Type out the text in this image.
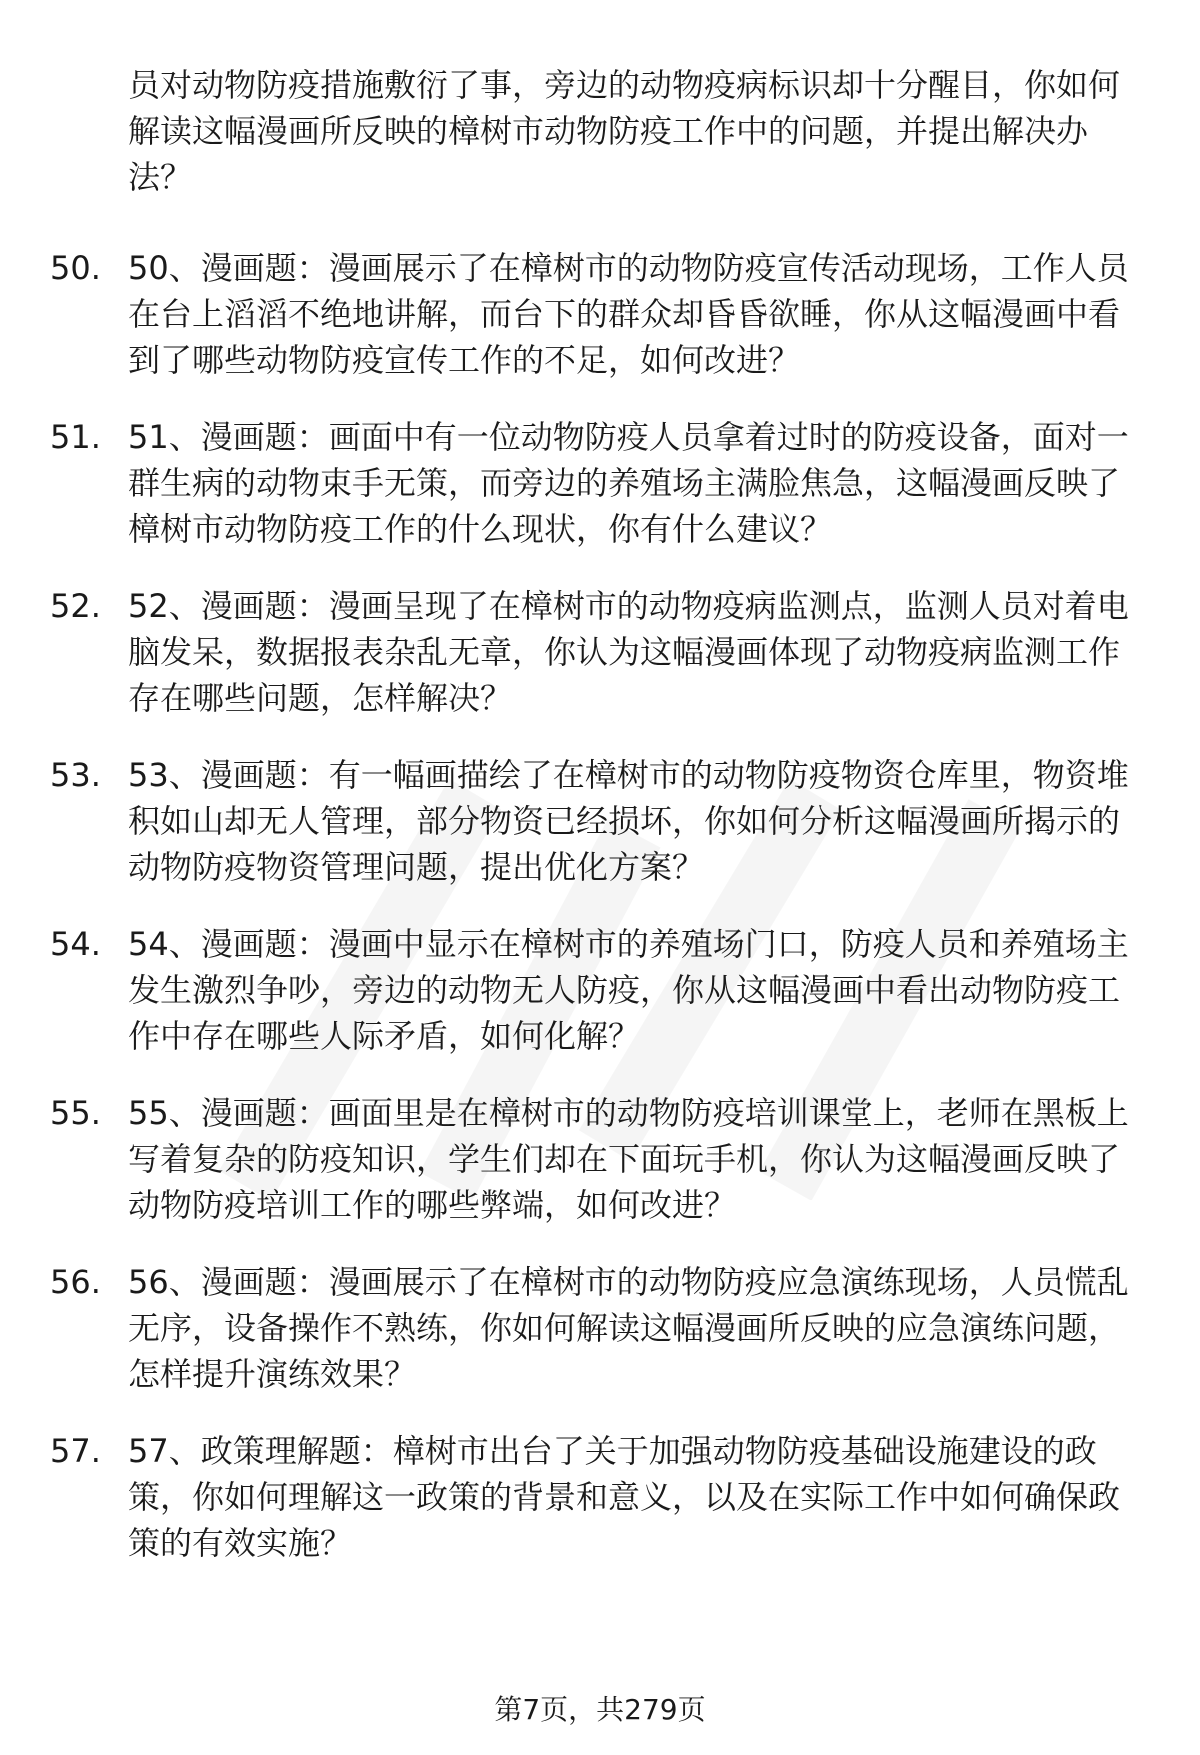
员对动物防疫措施敷衍了事，旁边的动物疫病标识却十分醒目，你如何解读这幅漫画所反映的樟树市动物防疫工作中的问题，并提出解决办法？

50. 50、漫画题：漫画展示了在樟树市的动物防疫宣传活动现场，工作人员在台上滔滔不绝地讲解，而台下的群众却昏昏欲睡，你从这幅漫画中看到了哪些动物防疫宣传工作的不足，如何改进？

51. 51、漫画题：画面中有一位动物防疫人员拿着过时的防疫设备，面对一群生病的动物束手无策，而旁边的养殖场主满脸焦急，这幅漫画反映了樟树市动物防疫工作的什么现状，你有什么建议？

52. 52、漫画题：漫画呈现了在樟树市的动物疫病监测点，监测人员对着电脑发呆，数据报表杂乱无章，你认为这幅漫画体现了动物疫病监测工作存在哪些问题，怎样解决？

53. 53、漫画题：有一幅画描绘了在樟树市的动物防疫物资仓库里，物资堆积如山却无人管理，部分物资已经损坏，你如何分析这幅漫画所揭示的动物防疫物资管理问题，提出优化方案？

54. 54、漫画题：漫画中显示在樟树市的养殖场门口，防疫人员和养殖场主发生激烈争吵，旁边的动物无人防疫，你从这幅漫画中看出动物防疫工作中存在哪些人际矛盾，如何化解？

55. 55、漫画题：画面里是在樟树市的动物防疫培训课堂上，老师在黑板上写着复杂的防疫知识，学生们却在下面玩手机，你认为这幅漫画反映了动物防疫培训工作的哪些弊端，如何改进？

56. 56、漫画题：漫画展示了在樟树市的动物防疫应急演练现场，人员慌乱无序，设备操作不熟练，你如何解读这幅漫画所反映的应急演练问题，怎样提升演练效果？

57. 57、政策理解题：樟树市出台了关于加强动物防疫基础设施建设的政策，你如何理解这一政策的背景和意义，以及在实际工作中如何确保政策的有效实施？

第7页，共279页
